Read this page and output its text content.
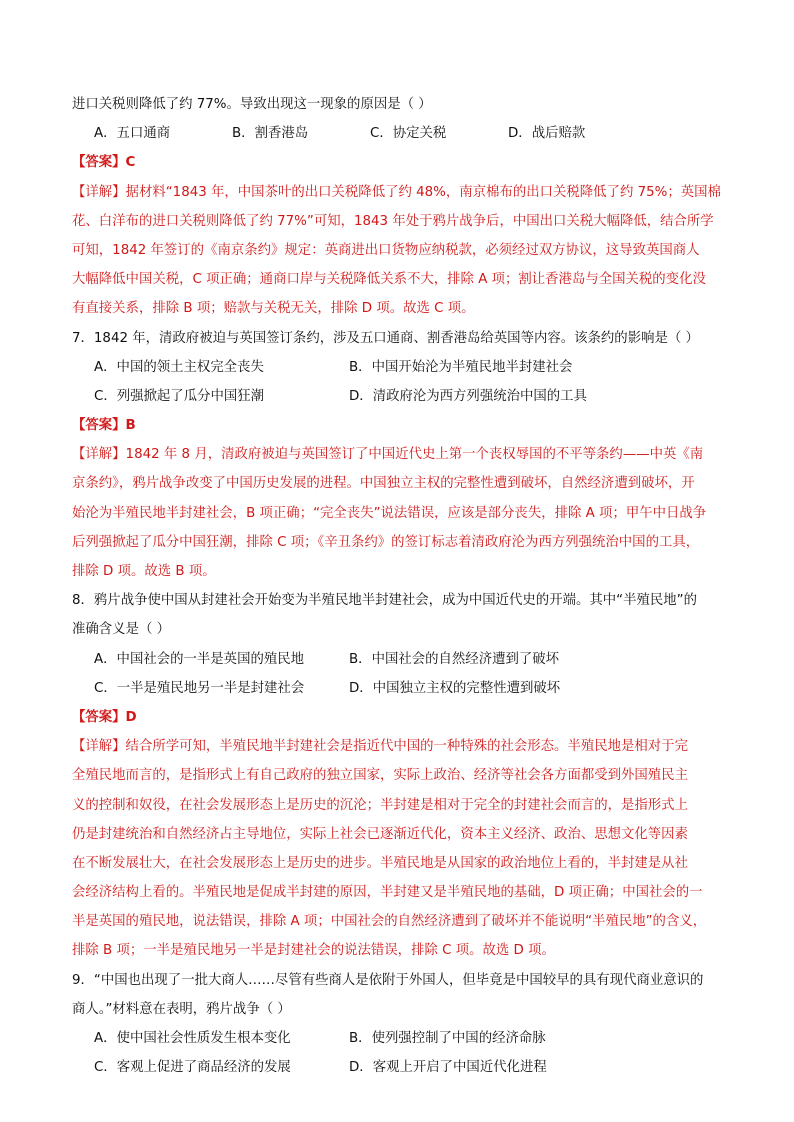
进口关税则降低了约 77%。导致出现这一现象的原因是（ ）
A．五口通商	B．割香港岛	C．协定关税	D．战后赔款
【答案】C
【详解】据材料“1843 年，中国茶叶的出口关税降低了约 48%，南京棉布的出口关税降低了约 75%；英国棉
花、白洋布的进口关税则降低了约 77%”可知，1843 年处于鸦片战争后，中国出口关税大幅降低，结合所学
可知，1842 年签订的《南京条约》规定：英商进出口货物应纳税款，必须经过双方协议，这导致英国商人
大幅降低中国关税，C 项正确；通商口岸与关税降低关系不大，排除 A 项；割让香港岛与全国关税的变化没
有直接关系，排除 B 项；赔款与关税无关，排除 D 项。故选 C 项。
7．1842 年，清政府被迫与英国签订条约，涉及五口通商、割香港岛给英国等内容。该条约的影响是（ ）
A．中国的领土主权完全丧失	B．中国开始沦为半殖民地半封建社会
C．列强掀起了瓜分中国狂潮	D．清政府沦为西方列强统治中国的工具
【答案】B
【详解】1842 年 8 月，清政府被迫与英国签订了中国近代史上第一个丧权辱国的不平等条约——中英《南
京条约》，鸦片战争改变了中国历史发展的进程。中国独立主权的完整性遭到破坏，自然经济遭到破坏，开
始沦为半殖民地半封建社会，B 项正确；“完全丧失”说法错误，应该是部分丧失，排除 A 项；甲午中日战争
后列强掀起了瓜分中国狂潮，排除 C 项；《辛丑条约》的签订标志着清政府沦为西方列强统治中国的工具，
排除 D 项。故选 B 项。
8．鸦片战争使中国从封建社会开始变为半殖民地半封建社会，成为中国近代史的开端。其中“半殖民地”的
准确含义是（ ）
A．中国社会的一半是英国的殖民地	B．中国社会的自然经济遭到了破坏
C．一半是殖民地另一半是封建社会	D．中国独立主权的完整性遭到破坏
【答案】D
【详解】结合所学可知，半殖民地半封建社会是指近代中国的一种特殊的社会形态。半殖民地是相对于完
全殖民地而言的，是指形式上有自己政府的独立国家，实际上政治、经济等社会各方面都受到外国殖民主
义的控制和奴役，在社会发展形态上是历史的沉沦；半封建是相对于完全的封建社会而言的，是指形式上
仍是封建统治和自然经济占主导地位，实际上社会已逐渐近代化，资本主义经济、政治、思想文化等因素
在不断发展壮大，在社会发展形态上是历史的进步。半殖民地是从国家的政治地位上看的，半封建是从社
会经济结构上看的。半殖民地是促成半封建的原因，半封建又是半殖民地的基础，D 项正确；中国社会的一
半是英国的殖民地，说法错误，排除 A 项；中国社会的自然经济遭到了破坏并不能说明“半殖民地”的含义，
排除 B 项；一半是殖民地另一半是封建社会的说法错误，排除 C 项。故选 D 项。
9．“中国也出现了一批大商人……尽管有些商人是依附于外国人，但毕竟是中国较早的具有现代商业意识的
商人。”材料意在表明，鸦片战争（ ）
A．使中国社会性质发生根本变化	B．使列强控制了中国的经济命脉
C．客观上促进了商品经济的发展	D．客观上开启了中国近代化进程
